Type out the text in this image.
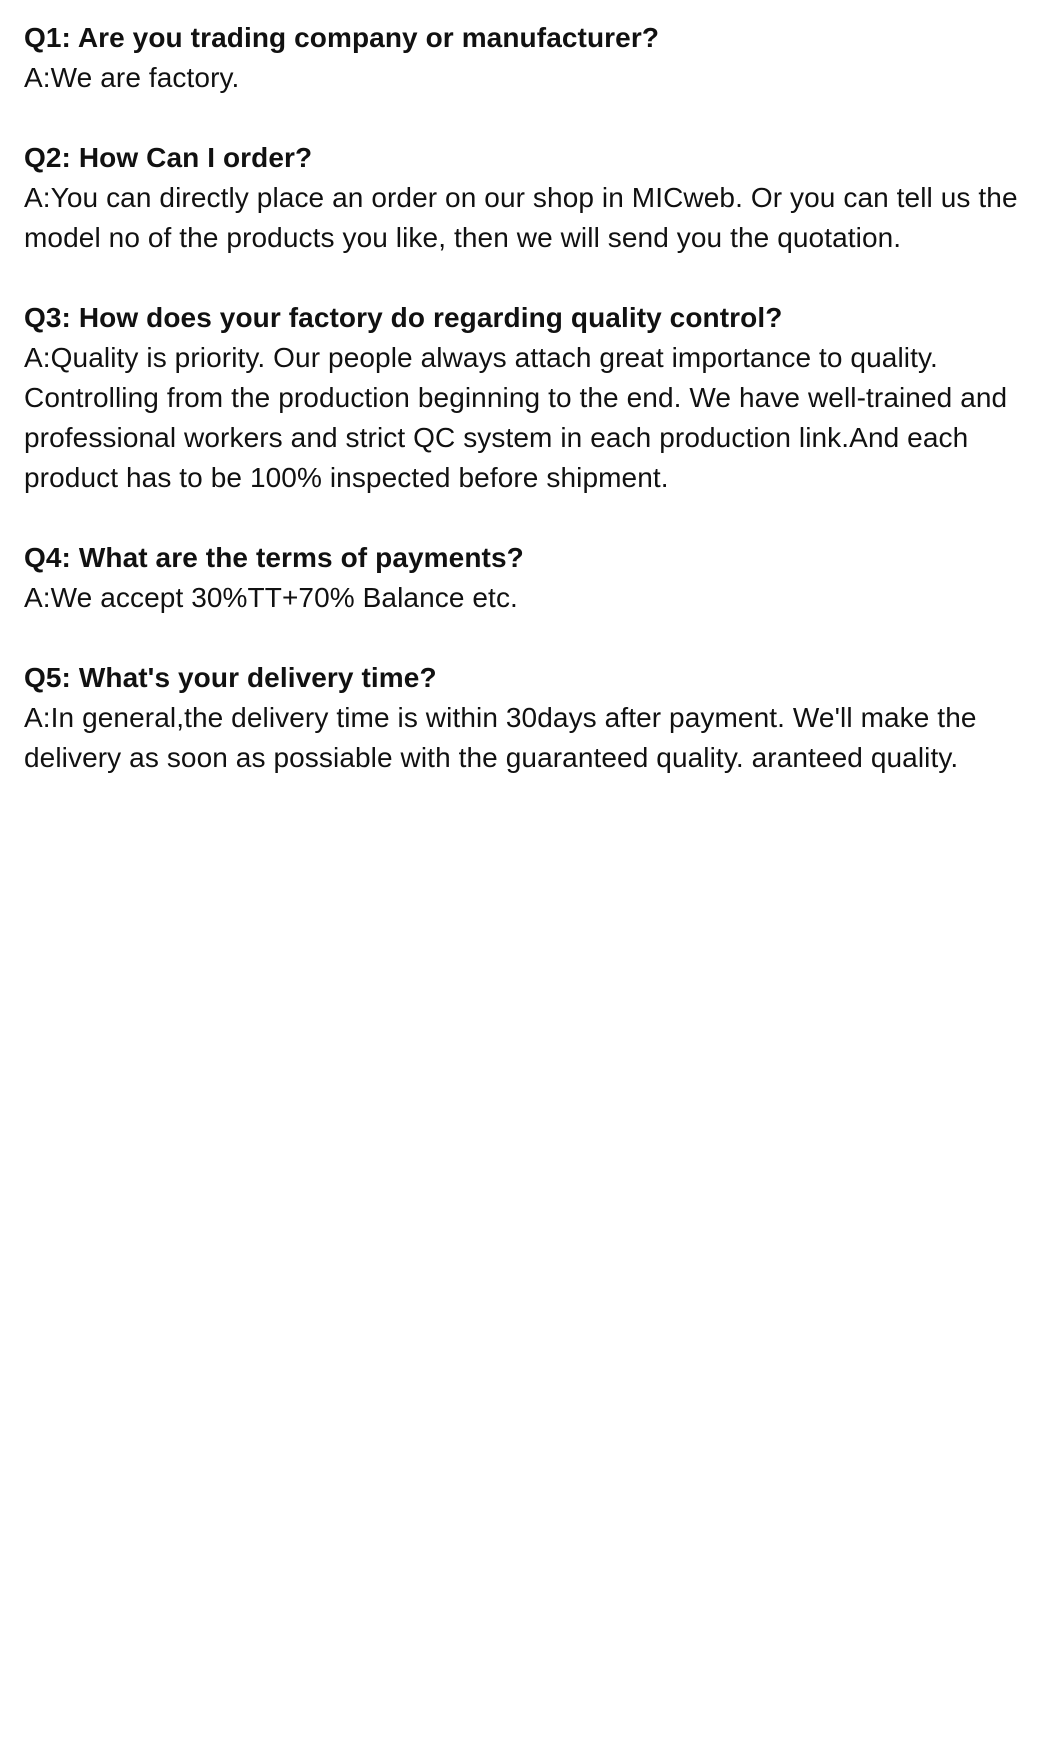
Q1: Are you trading company or manufacturer?

A:We are factory.

Q2: How Can I order?

A:You can directly place an order on our shop in MICweb. Or you can tell us the model no of the products you like, then we will send you the quotation.

Q3: How does your factory do regarding quality control?

A:Quality is priority. Our people always attach great importance to quality. Controlling from the production beginning to the end. We have well-trained and professional workers and strict QC system in each production link.And each product has to be 100% inspected before shipment.

Q4: What are the terms of payments?

A:We accept 30%TT+70% Balance etc.

Q5: What's your delivery time?

A:In general,the delivery time is within 30days after payment. We'll make the delivery as soon as possiable with the guaranteed quality. aranteed quality.
